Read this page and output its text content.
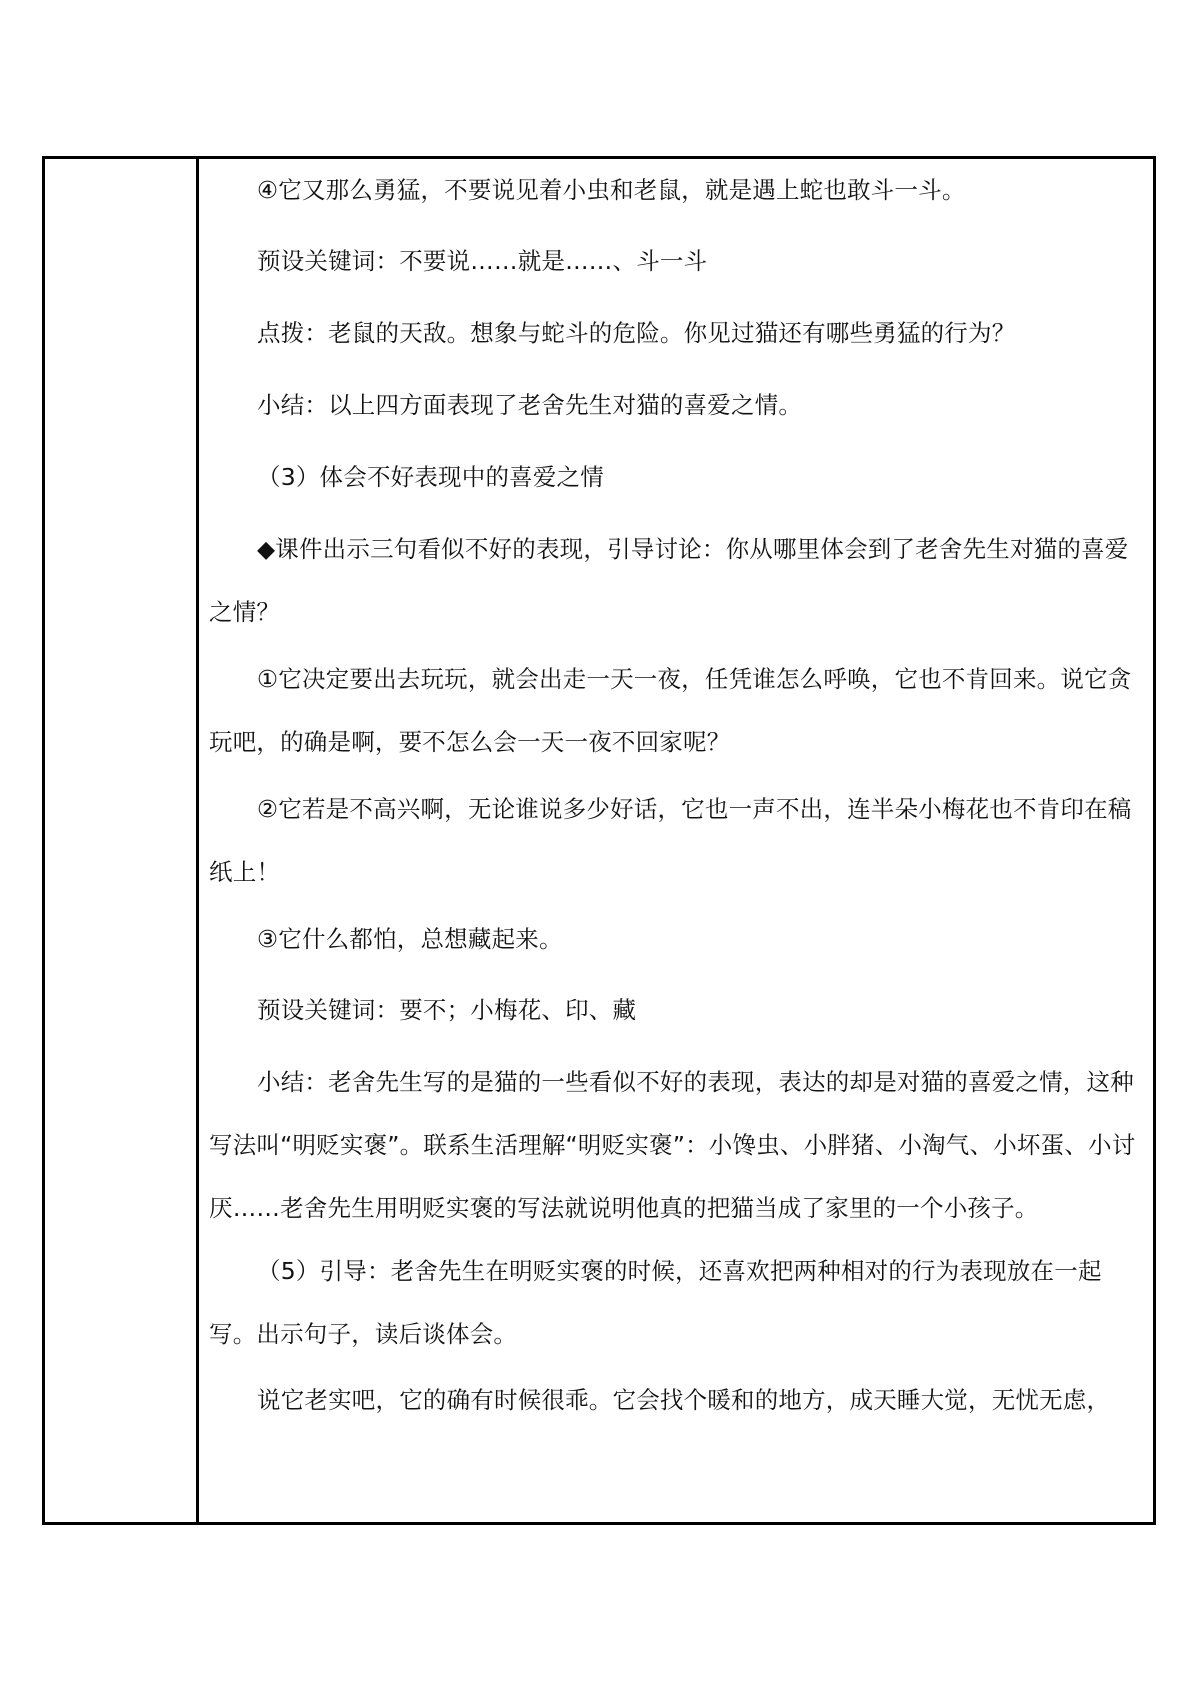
④它又那么勇猛，不要说见着小虫和老鼠，就是遇上蛇也敢斗一斗。
预设关键词：不要说……就是……、斗一斗
点拨：老鼠的天敌。想象与蛇斗的危险。你见过猫还有哪些勇猛的行为？
小结：以上四方面表现了老舍先生对猫的喜爱之情。
（3）体会不好表现中的喜爱之情
◆课件出示三句看似不好的表现，引导讨论：你从哪里体会到了老舍先生对猫的喜爱之情？
①它决定要出去玩玩，就会出走一天一夜，任凭谁怎么呼唤，它也不肯回来。说它贪玩吧，的确是啊，要不怎么会一天一夜不回家呢？
②它若是不高兴啊，无论谁说多少好话，它也一声不出，连半朵小梅花也不肯印在稿纸上！
③它什么都怕，总想藏起来。
预设关键词：要不；小梅花、印、藏
小结：老舍先生写的是猫的一些看似不好的表现，表达的却是对猫的喜爱之情，这种写法叫“明贬实褒”。联系生活理解“明贬实褒”：小馋虫、小胖猪、小淘气、小坏蛋、小讨厌……老舍先生用明贬实褒的写法就说明他真的把猫当成了家里的一个小孩子。
（5）引导：老舍先生在明贬实褒的时候，还喜欢把两种相对的行为表现放在一起写。出示句子，读后谈体会。
说它老实吧，它的确有时候很乖。它会找个暖和的地方，成天睡大觉，无忧无虑，
